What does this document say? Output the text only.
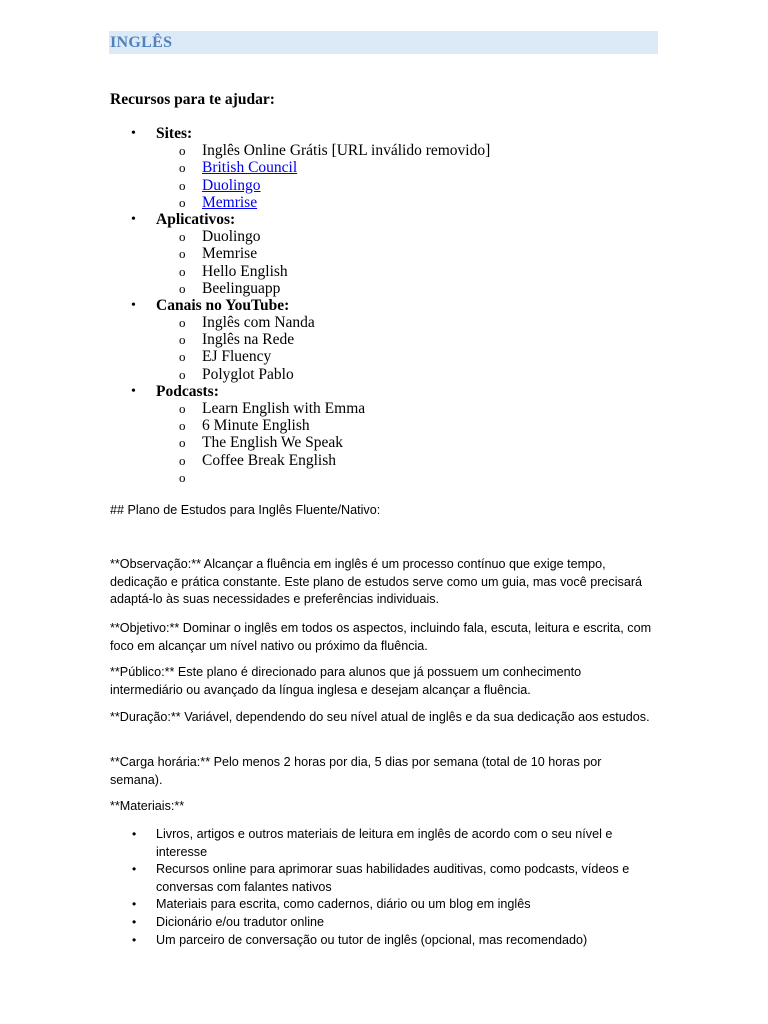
INGLÊS
Recursos para te ajudar:
• Sites:
o Inglês Online Grátis [URL inválido removido]
o British Council
o Duolingo
o Memrise
• Aplicativos:
o Duolingo
o Memrise
o Hello English
o Beelinguapp
• Canais no YouTube:
o Inglês com Nanda
o Inglês na Rede
o EJ Fluency
o Polyglot Pablo
• Podcasts:
o Learn English with Emma
o 6 Minute English
o The English We Speak
o Coffee Break English
o
## Plano de Estudos para Inglês Fluente/Nativo:

**Observação:** Alcançar a fluência em inglês é um processo contínuo que exige tempo, dedicação e prática constante. Este plano de estudos serve como um guia, mas você precisará adaptá-lo às suas necessidades e preferências individuais.

**Objetivo:** Dominar o inglês em todos os aspectos, incluindo fala, escuta, leitura e escrita, com foco em alcançar um nível nativo ou próximo da fluência.

**Público:** Este plano é direcionado para alunos que já possuem um conhecimento intermediário ou avançado da língua inglesa e desejam alcançar a fluência.

**Duração:** Variável, dependendo do seu nível atual de inglês e da sua dedicação aos estudos.

**Carga horária:** Pelo menos 2 horas por dia, 5 dias por semana (total de 10 horas por semana).

**Materiais:**

• Livros, artigos e outros materiais de leitura em inglês de acordo com o seu nível e interesse
• Recursos online para aprimorar suas habilidades auditivas, como podcasts, vídeos e conversas com falantes nativos
• Materiais para escrita, como cadernos, diário ou um blog em inglês
• Dicionário e/ou tradutor online
• Um parceiro de conversação ou tutor de inglês (opcional, mas recomendado)
